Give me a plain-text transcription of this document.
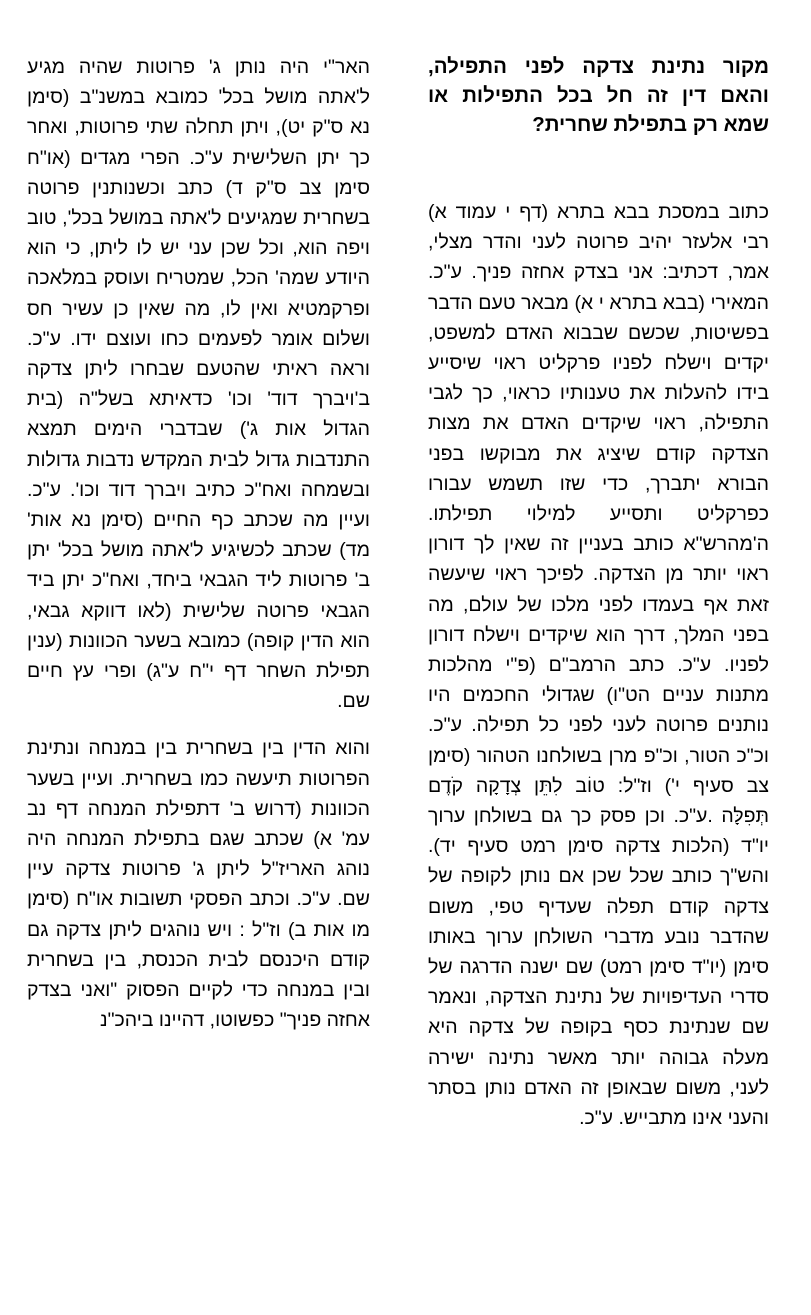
מקור נתינת צדקה לפני התפילה, והאם דין זה חל בכל התפילות או שמא רק בתפילת שחרית?

כתוב במסכת בבא בתרא (דף י עמוד א) רבי אלעזר יהיב פרוטה לעני והדר מצלי, אמר, דכתיב: אני בצדק אחזה פניך. ע"כ. המאירי (בבא בתרא י א) מבאר טעם הדבר בפשיטות, שכשם שבבוא האדם למשפט, יקדים וישלח לפניו פרקליט ראוי שיסייע בידו להעלות את טענותיו כראוי, כך לגבי התפילה, ראוי שיקדים האדם את מצות הצדקה קודם שיציג את מבוקשו בפני הבורא יתברך, כדי שזו תשמש עבורו כפרקליט ותסייע למילוי תפילתו. ה'מהרש"א כותב בעניין זה שאין לך דורון ראוי יותר מן הצדקה. לפיכך ראוי שיעשה זאת אף בעמדו לפני מלכו של עולם, מה בפני המלך, דרך הוא שיקדים וישלח דורון לפניו. ע"כ. כתב הרמב"ם (פ"י מהלכות מתנות עניים הט"ו) שגדולי החכמים היו נותנים פרוטה לעני לפני כל תפילה. ע"כ. וכ"כ הטור, וכ"פ מרן בשולחנו הטהור (סימן צב סעיף י') וז"ל: טוֹב לִתֵּן צְדָקָה קֹדֶם תְּפִלָּה .ע"כ. וכן פסק כך גם בשולחן ערוך יו"ד (הלכות צדקה סימן רמט סעיף יד). והש"ך כותב שכל שכן אם נותן לקופה של צדקה קודם תפלה שעדיף טפי, משום שהדבר נובע מדברי השולחן ערוך באותו סימן (יו"ד סימן רמט) שם ישנה הדרגה של סדרי העדיפויות של נתינת הצדקה, ונאמר שם שנתינת כסף בקופה של צדקה היא מעלה גבוהה יותר מאשר נתינה ישירה לעני, משום שבאופן זה האדם נותן בסתר והעני אינו מתבייש. ע"כ.

האר"י היה נותן ג' פרוטות שהיה מגיע ל'אתה מושל בכל' כמובא במשנ"ב (סימן נא ס"ק יט), ויתן תחלה שתי פרוטות, ואחר כך יתן השלישית ע"כ. הפרי מגדים (או"ח סימן צב ס"ק ד) כתב וכשנותנין פרוטה בשחרית שמגיעים ל'אתה במושל בכל', טוב ויפה הוא, וכל שכן עני יש לו ליתן, כי הוא היודע שמה' הכל, שמטריח ועוסק במלאכה ופרקמטיא ואין לו, מה שאין כן עשיר חס ושלום אומר לפעמים כחו ועוצם ידו. ע"כ. וראה ראיתי שהטעם שבחרו ליתן צדקה ב'ויברך דוד' וכו' כדאיתא בשל"ה (בית הגדול אות ג') שבדברי הימים תמצא התנדבות גדול לבית המקדש נדבות גדולות ובשמחה ואח"כ כתיב ויברך דוד וכו'. ע"כ. ועיין מה שכתב כף החיים (סימן נא אות' מד) שכתב לכשיגיע ל'אתה מושל בכל' יתן ב' פרוטות ליד הגבאי ביחד, ואח"כ יתן ביד הגבאי פרוטה שלישית (לאו דווקא גבאי, הוא הדין קופה) כמובא בשער הכוונות (ענין תפילת השחר דף י"ח ע"ג) ופרי עץ חיים שם.

והוא הדין בין בשחרית בין במנחה ונתינת הפרוטות תיעשה כמו בשחרית. ועיין בשער הכוונות (דרוש ב' דתפילת המנחה דף נב עמ' א) שכתב שגם בתפילת המנחה היה נוהג האריז"ל ליתן ג' פרוטות צדקה עיין שם. ע"כ. וכתב הפסקי תשובות או"ח (סימן מו אות ב) וז"ל : ויש נוהגים ליתן צדקה גם קודם היכנסם לבית הכנסת, בין בשחרית ובין במנחה כדי לקיים הפסוק "ואני בצדק אחזה פניך" כפשוטו, דהיינו ביהכ"נ
